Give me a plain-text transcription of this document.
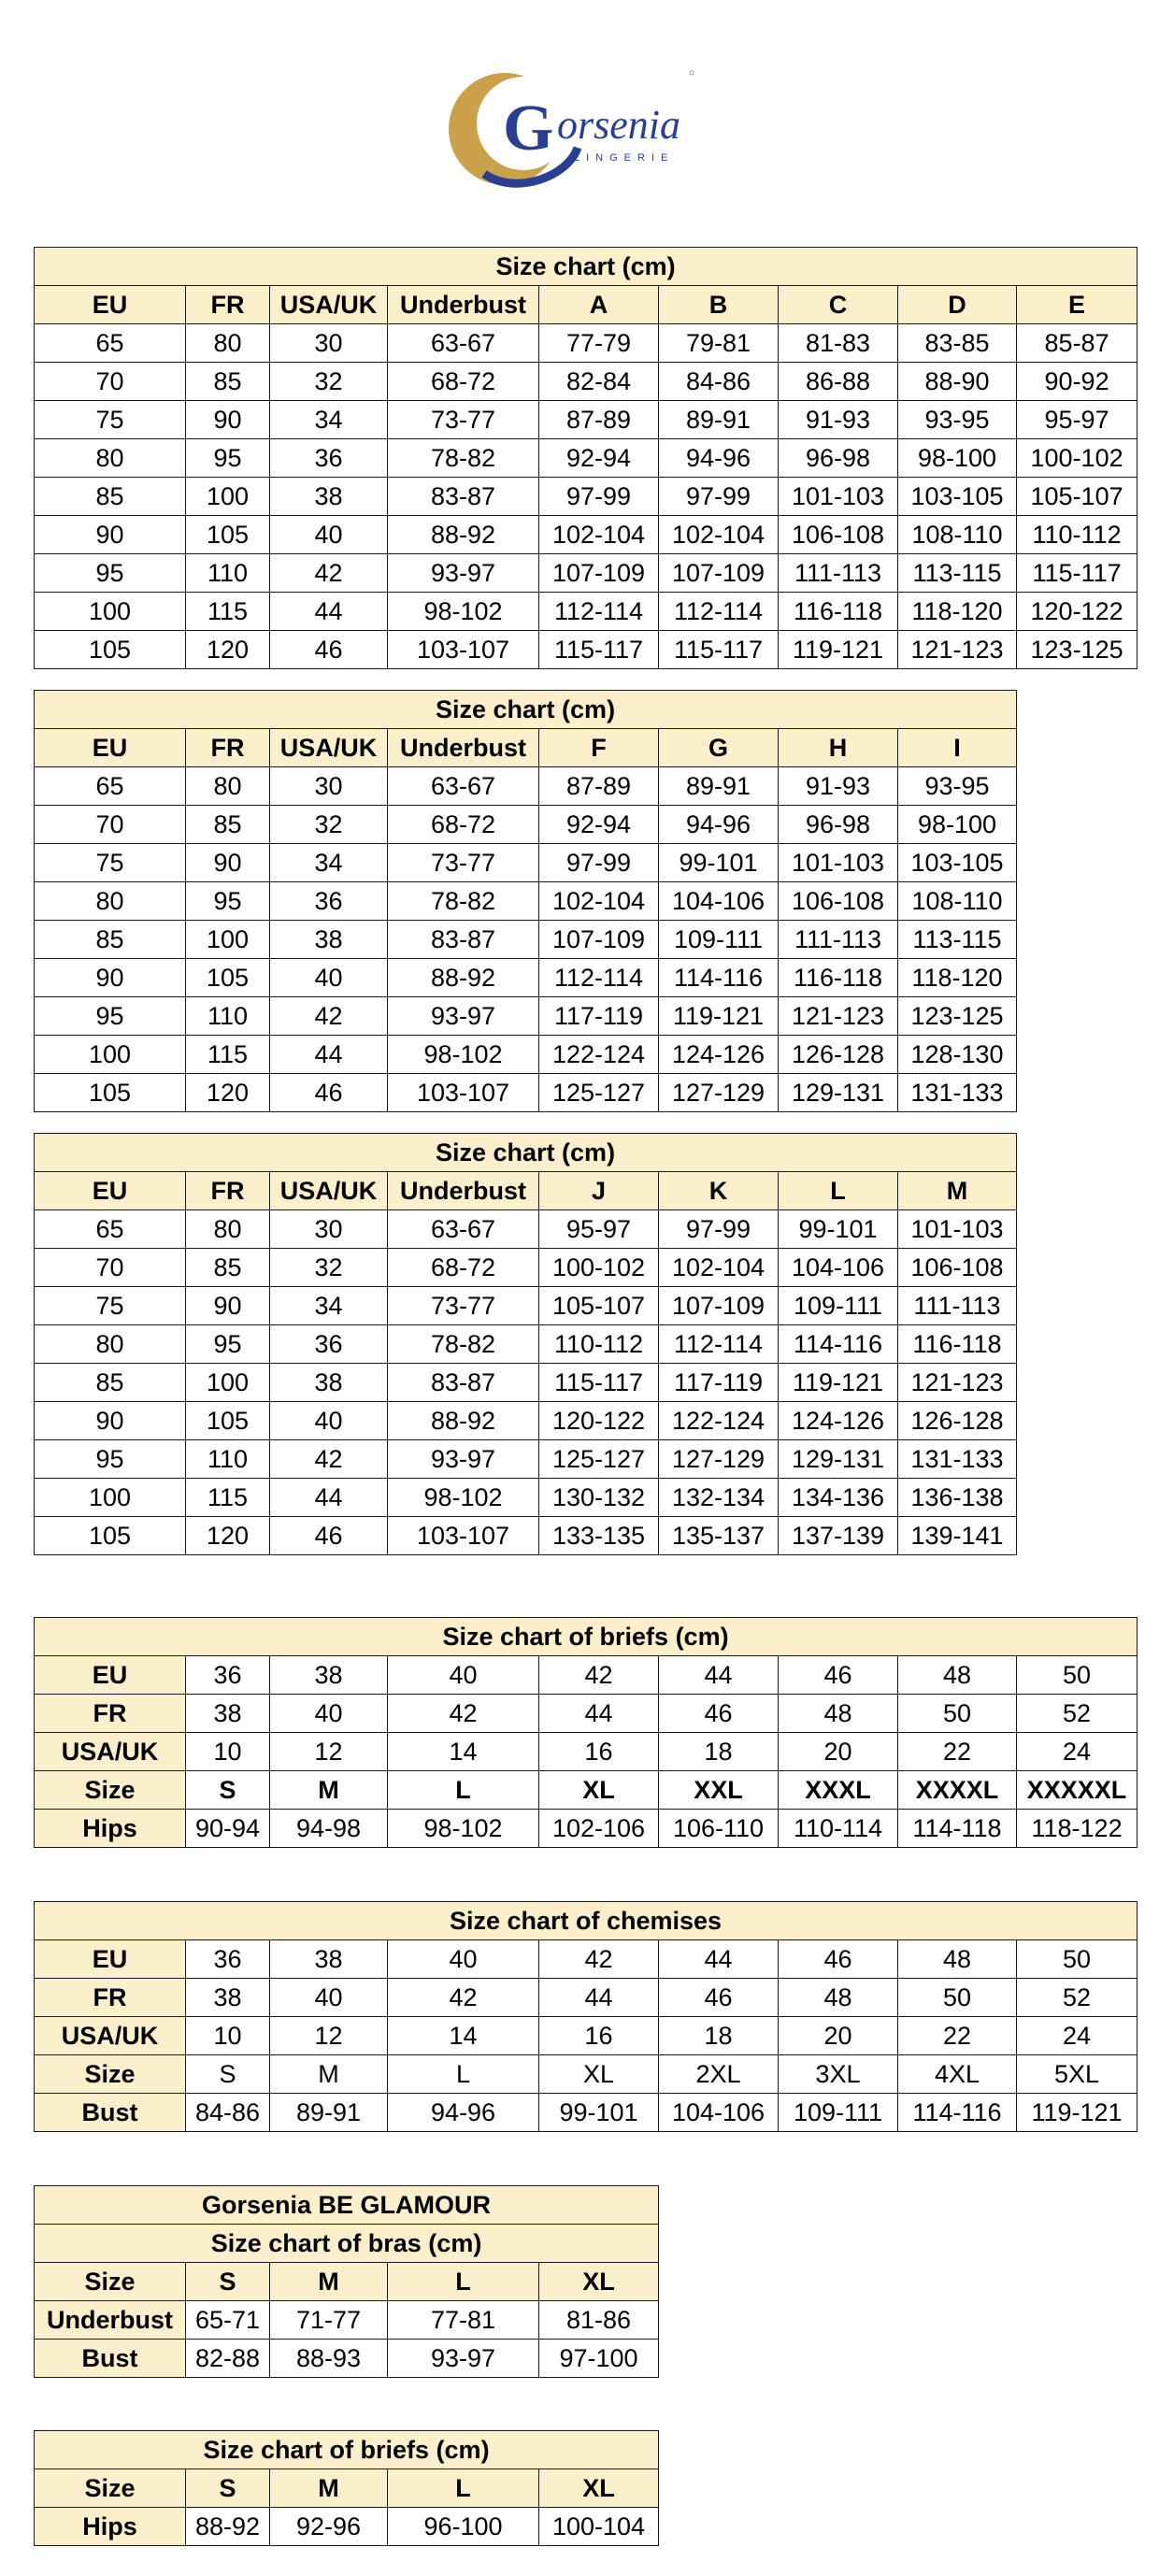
G orsenia
LINGERIE
Size chart (cm)								
EU	FR	USA/UK	Underbust	A	B	C	D	E
65	80	30	63-67	77-79	79-81	81-83	83-85	85-87
70	85	32	68-72	82-84	84-86	86-88	88-90	90-92
75	90	34	73-77	87-89	89-91	91-93	93-95	95-97
80	95	36	78-82	92-94	94-96	96-98	98-100	100-102
85	100	38	83-87	97-99	97-99	101-103	103-105	105-107
90	105	40	88-92	102-104	102-104	106-108	108-110	110-112
95	110	42	93-97	107-109	107-109	111-113	113-115	115-117
100	115	44	98-102	112-114	112-114	116-118	118-120	120-122
105	120	46	103-107	115-117	115-117	119-121	121-123	123-125
Size chart (cm)							
EU	FR	USA/UK	Underbust	F	G	H	I
65	80	30	63-67	87-89	89-91	91-93	93-95
70	85	32	68-72	92-94	94-96	96-98	98-100
75	90	34	73-77	97-99	99-101	101-103	103-105
80	95	36	78-82	102-104	104-106	106-108	108-110
85	100	38	83-87	107-109	109-111	111-113	113-115
90	105	40	88-92	112-114	114-116	116-118	118-120
95	110	42	93-97	117-119	119-121	121-123	123-125
100	115	44	98-102	122-124	124-126	126-128	128-130
105	120	46	103-107	125-127	127-129	129-131	131-133
Size chart (cm)							
EU	FR	USA/UK	Underbust	J	K	L	M
65	80	30	63-67	95-97	97-99	99-101	101-103
70	85	32	68-72	100-102	102-104	104-106	106-108
75	90	34	73-77	105-107	107-109	109-111	111-113
80	95	36	78-82	110-112	112-114	114-116	116-118
85	100	38	83-87	115-117	117-119	119-121	121-123
90	105	40	88-92	120-122	122-124	124-126	126-128
95	110	42	93-97	125-127	127-129	129-131	131-133
100	115	44	98-102	130-132	132-134	134-136	136-138
105	120	46	103-107	133-135	135-137	137-139	139-141
Size chart of briefs (cm)								
EU	36	38	40	42	44	46	48	50
FR	38	40	42	44	46	48	50	52
USA/UK	10	12	14	16	18	20	22	24
Size	S	M	L	XL	XXL	XXXL	XXXXL	XXXXXL
Hips	90-94	94-98	98-102	102-106	106-110	110-114	114-118	118-122
Size chart of chemises								
EU	36	38	40	42	44	46	48	50
FR	38	40	42	44	46	48	50	52
USA/UK	10	12	14	16	18	20	22	24
Size	S	M	L	XL	2XL	3XL	4XL	5XL
Bust	84-86	89-91	94-96	99-101	104-106	109-111	114-116	119-121
Gorsenia BE GLAMOUR				
Size chart of bras (cm)				
Size	S	M	L	XL
Underbust	65-71	71-77	77-81	81-86
Bust	82-88	88-93	93-97	97-100
Size chart of briefs (cm)				
Size	S	M	L	XL
Hips	88-92	92-96	96-100	100-104
